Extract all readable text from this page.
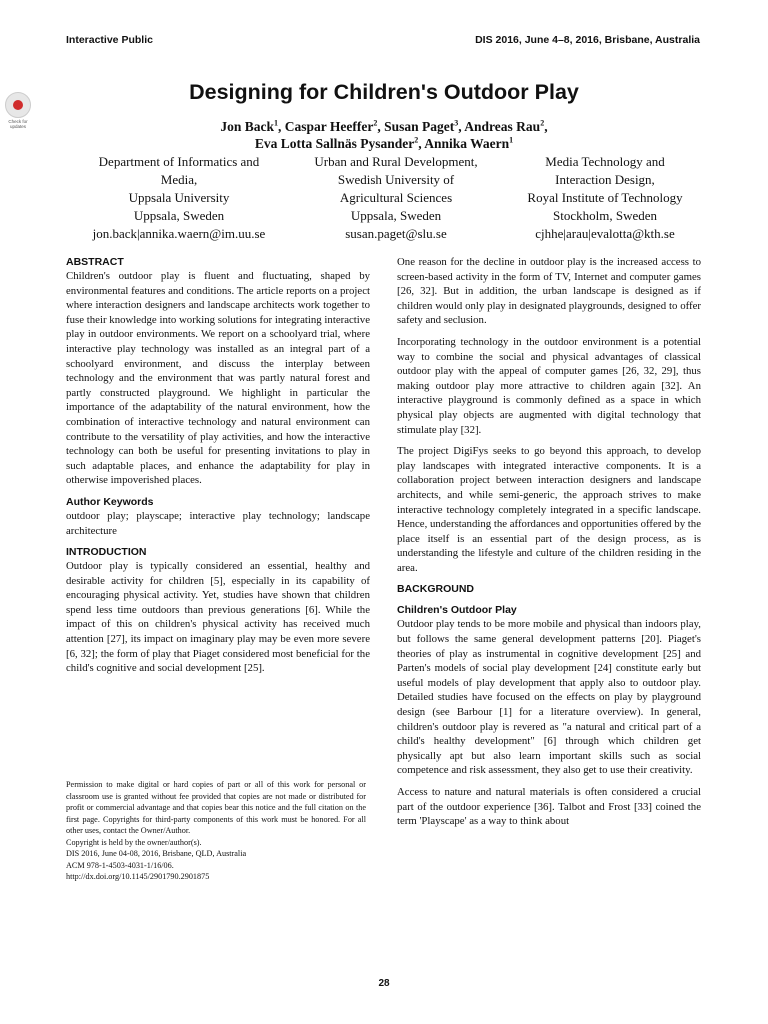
Interactive Public	DIS 2016, June 4–8, 2016, Brisbane, Australia
Check for
updates
Designing for Children's Outdoor Play
Jon Back$^1$, Caspar Heeffer$^2$, Susan Paget$^3$, Andreas Rau$^2$,
Eva Lotta Sallnäs Pysander$^2$, Annika Waern$^1$
Department of Informatics and
Media,
Uppsala University
Uppsala, Sweden
jon.back|annika.waern@im.uu.se
Urban and Rural Development,
Swedish University of
Agricultural Sciences
Uppsala, Sweden
susan.paget@slu.se
Media Technology and
Interaction Design,
Royal Institute of Technology
Stockholm, Sweden
cjhhe|arau|evalotta@kth.se

ABSTRACT

Children's outdoor play is fluent and fluctuating, shaped by environmental features and conditions. The article reports on a project where interaction designers and landscape architects work together to fuse their knowledge into working solutions for integrating interactive play in outdoor environments. We report on a schoolyard trial, where interactive play technology was installed as an integral part of a schoolyard environment, and discuss the interplay between technology and the environment that was partly natural forest and partly constructed playground. We highlight in particular the importance of the adaptability of the natural environment, how the combination of interactive technology and natural environment can contribute to the versatility of play activities, and how the interactive technology can both be useful for presenting invitations to play in such adaptable places, and enhance the adaptability for play in otherwise impoverished places.

Author Keywords

outdoor play; playscape; interactive play technology; landscape architecture

INTRODUCTION

Outdoor play is typically considered an essential, healthy and desirable activity for children [5], especially in its capability of encouraging physical activity. Yet, studies have shown that children spend less time outdoors than previous generations [6]. While the impact of this on children's physical activity has received much attention [27], its impact on imaginary play may be even more severe [6, 32]; the form of play that Piaget considered most beneficial for the child's cognitive and social development [25].

Permission to make digital or hard copies of part or all of this work for personal or classroom use is granted without fee provided that copies are not made or distributed for profit or commercial advantage and that copies bear this notice and the full citation on the first page. Copyrights for third-party components of this work must be honored. For all other uses, contact the Owner/Author.

Copyright is held by the owner/author(s).

DIS 2016, June 04-08, 2016, Brisbane, QLD, Australia

ACM 978-1-4503-4031-1/16/06.

http://dx.doi.org/10.1145/2901790.2901875

One reason for the decline in outdoor play is the increased access to screen-based activity in the form of TV, Internet and computer games [26, 32]. But in addition, the urban landscape is designed as if children would only play in designated playgrounds, designed to offer safety and seclusion.

Incorporating technology in the outdoor environment is a potential way to combine the social and physical advantages of classical outdoor play with the appeal of computer games [26, 32, 29], thus making outdoor play more attractive to children again [32]. An interactive playground is commonly defined as a space in which physical play objects are augmented with digital technology that stimulate play [32].

The project DigiFys seeks to go beyond this approach, to develop play landscapes with integrated interactive components. It is a collaboration project between interaction designers and landscape architects, and while semi-generic, the approach strives to make interactive technology completely integrated in a specific landscape. Hence, understanding the affordances and opportunities offered by the place itself is an essential part of the design process, as is understanding the lifestyle and culture of the children residing in the area.

BACKGROUND

Children's Outdoor Play

Outdoor play tends to be more mobile and physical than indoors play, but follows the same general development patterns [20]. Piaget's theories of play as instrumental in cognitive development [25] and Parten's models of social play development [24] constitute early but useful models of play development that apply also to outdoor play. Detailed studies have focused on the effects on play by playground design (see Barbour [1] for a literature overview). In general, children's outdoor play is revered as "a natural and critical part of a child's healthy development" [6] through which children get physically apt but also learn important skills such as social competence and risk assessment, they also get to use their creativity.

Access to nature and natural materials is often considered a crucial part of the outdoor experience [36]. Talbot and Frost [33] coined the term 'Playscape' as a way to think about

28
